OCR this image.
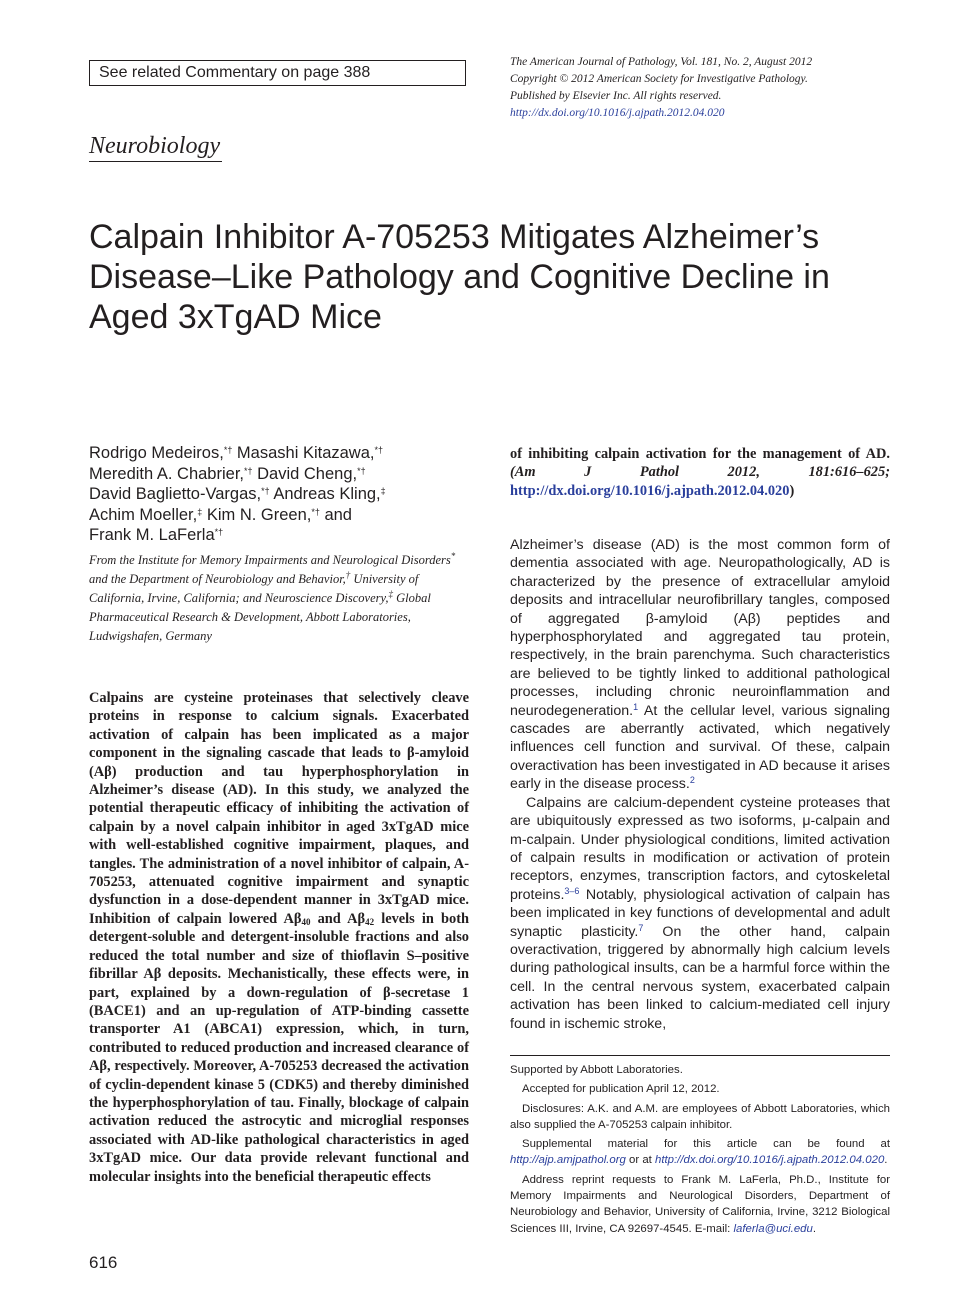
See related Commentary on page 388
The American Journal of Pathology, Vol. 181, No. 2, August 2012
Copyright © 2012 American Society for Investigative Pathology.
Published by Elsevier Inc. All rights reserved.
http://dx.doi.org/10.1016/j.ajpath.2012.04.020
Neurobiology
Calpain Inhibitor A-705253 Mitigates Alzheimer’s
Disease–Like Pathology and Cognitive Decline in
Aged 3xTgAD Mice
Rodrigo Medeiros,*† Masashi Kitazawa,*†
Meredith A. Chabrier,*† David Cheng,*†
David Baglietto-Vargas,*† Andreas Kling,‡
Achim Moeller,‡ Kim N. Green,*† and
Frank M. LaFerla*†
From the Institute for Memory Impairments and Neurological Disorders* and the Department of Neurobiology and Behavior,† University of California, Irvine, California; and Neuroscience Discovery,‡ Global Pharmaceutical Research & Development, Abbott Laboratories, Ludwigshafen, Germany
Calpains are cysteine proteinases that selectively cleave proteins in response to calcium signals. Exacerbated activation of calpain has been implicated as a major component in the signaling cascade that leads to β-amyloid (Aβ) production and tau hyperphosphorylation in Alzheimer’s disease (AD). In this study, we analyzed the potential therapeutic efficacy of inhibiting the activation of calpain by a novel calpain inhibitor in aged 3xTgAD mice with well-established cognitive impairment, plaques, and tangles. The administration of a novel inhibitor of calpain, A-705253, attenuated cognitive impairment and synaptic dysfunction in a dose-dependent manner in 3xTgAD mice. Inhibition of calpain lowered $A\beta_{40}$ and $A\beta_{42}$ levels in both detergent-soluble and detergent-insoluble fractions and also reduced the total number and size of thioflavin S–positive fibrillar Aβ deposits. Mechanistically, these effects were, in part, explained by a down-regulation of β-secretase 1 (BACE1) and an up-regulation of ATP-binding cassette transporter A1 (ABCA1) expression, which, in turn, contributed to reduced production and increased clearance of Aβ, respectively. Moreover, A-705253 decreased the activation of cyclin-dependent kinase 5 (CDK5) and thereby diminished the hyperphosphorylation of tau. Finally, blockage of calpain activation reduced the astrocytic and microglial responses associated with AD-like pathological characteristics in aged 3xTgAD mice. Our data provide relevant functional and molecular insights into the beneficial therapeutic effects
of inhibiting calpain activation for the management of AD. (Am J Pathol 2012, 181:616–625; http://dx.doi.org/10.1016/j.ajpath.2012.04.020)

Alzheimer’s disease (AD) is the most common form of dementia associated with age. Neuropathologically, AD is characterized by the presence of extracellular amyloid deposits and intracellular neurofibrillary tangles, composed of aggregated β-amyloid (Aβ) peptides and hyperphosphorylated and aggregated tau protein, respectively, in the brain parenchyma. Such characteristics are believed to be tightly linked to additional pathological processes, including chronic neuroinflammation and neurodegeneration.$^1$ At the cellular level, various signaling cascades are aberrantly activated, which negatively influences cell function and survival. Of these, calpain overactivation has been investigated in AD because it arises early in the disease process.$^2$

Calpains are calcium-dependent cysteine proteases that are ubiquitously expressed as two isoforms, μ-calpain and m-calpain. Under physiological conditions, limited activation of calpain results in modification or activation of protein receptors, enzymes, transcription factors, and cytoskeletal proteins.$^{3-6}$ Notably, physiological activation of calpain has been implicated in key functions of developmental and adult synaptic plasticity.$^7$ On the other hand, calpain overactivation, triggered by abnormally high calcium levels during pathological insults, can be a harmful force within the cell. In the central nervous system, exacerbated calpain activation has been linked to calcium-mediated cell injury found in ischemic stroke,

Supported by Abbott Laboratories.

Accepted for publication April 12, 2012.

Disclosures: A.K. and A.M. are employees of Abbott Laboratories, which also supplied the A-705253 calpain inhibitor.

Supplemental material for this article can be found at http://ajp.amjpathol.org or at http://dx.doi.org/10.1016/j.ajpath.2012.04.020.

Address reprint requests to Frank M. LaFerla, Ph.D., Institute for Memory Impairments and Neurological Disorders, Department of Neurobiology and Behavior, University of California, Irvine, 3212 Biological Sciences III, Irvine, CA 92697-4545. E-mail: laferla@uci.edu.

616
